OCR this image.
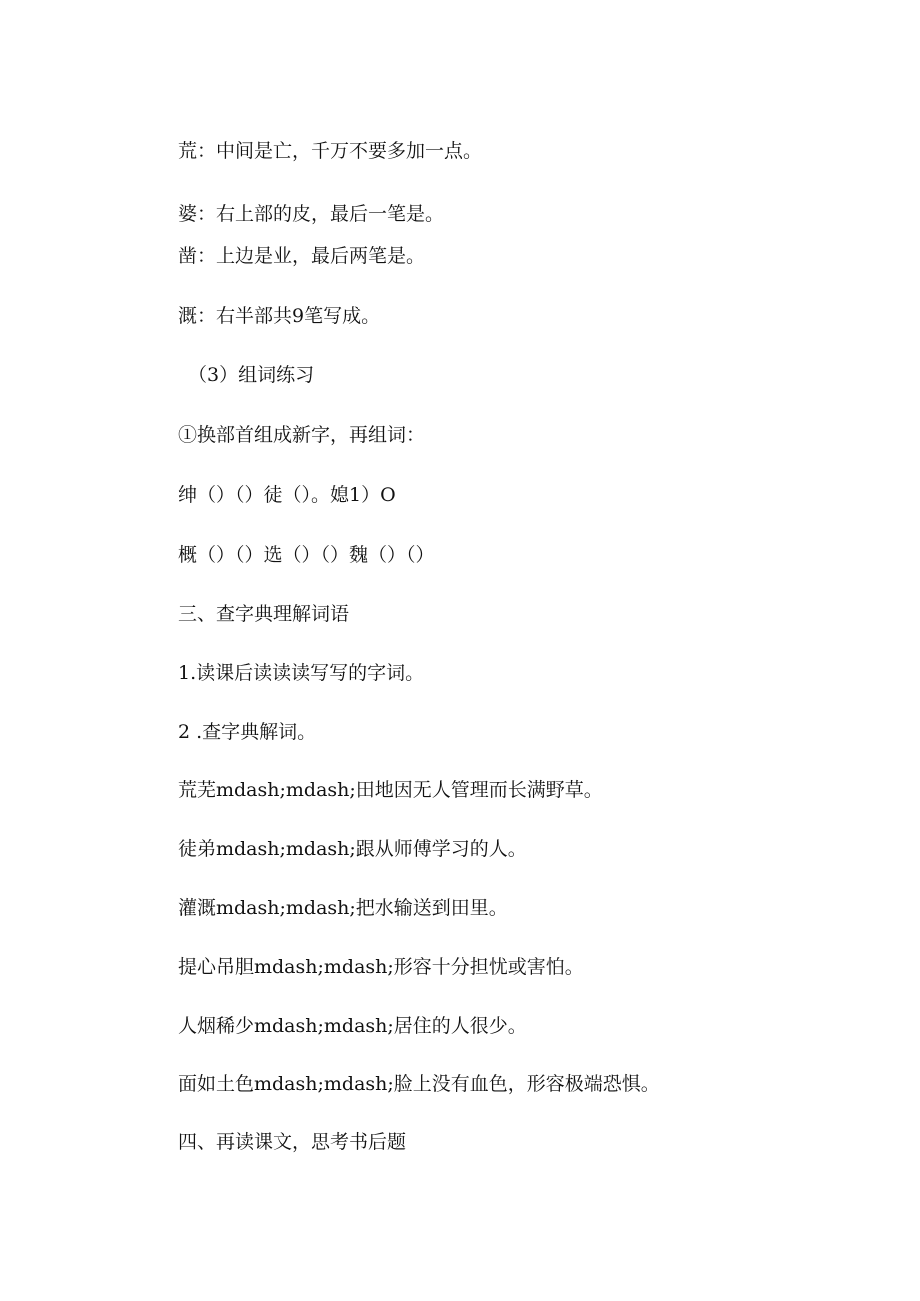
荒：中间是亡，千万不要多加一点。
婆：右上部的皮，最后一笔是。
凿：上边是业，最后两笔是。
溉：右半部共9笔写成。
（3）组词练习
①换部首组成新字，再组词：
绅（）（）徒（）。媳1）O
概（）（）选（）（）魏（）（）
三、查字典理解词语
1.读课后读读读写写的字词。
2 .查字典解词。
荒芜mdash;mdash;田地因无人管理而长满野草。
徒弟mdash;mdash;跟从师傅学习的人。
灌溉mdash;mdash;把水输送到田里。
提心吊胆mdash;mdash;形容十分担忧或害怕。
人烟稀少mdash;mdash;居住的人很少。
面如土色mdash;mdash;脸上没有血色，形容极端恐惧。
四、再读课文，思考书后题
